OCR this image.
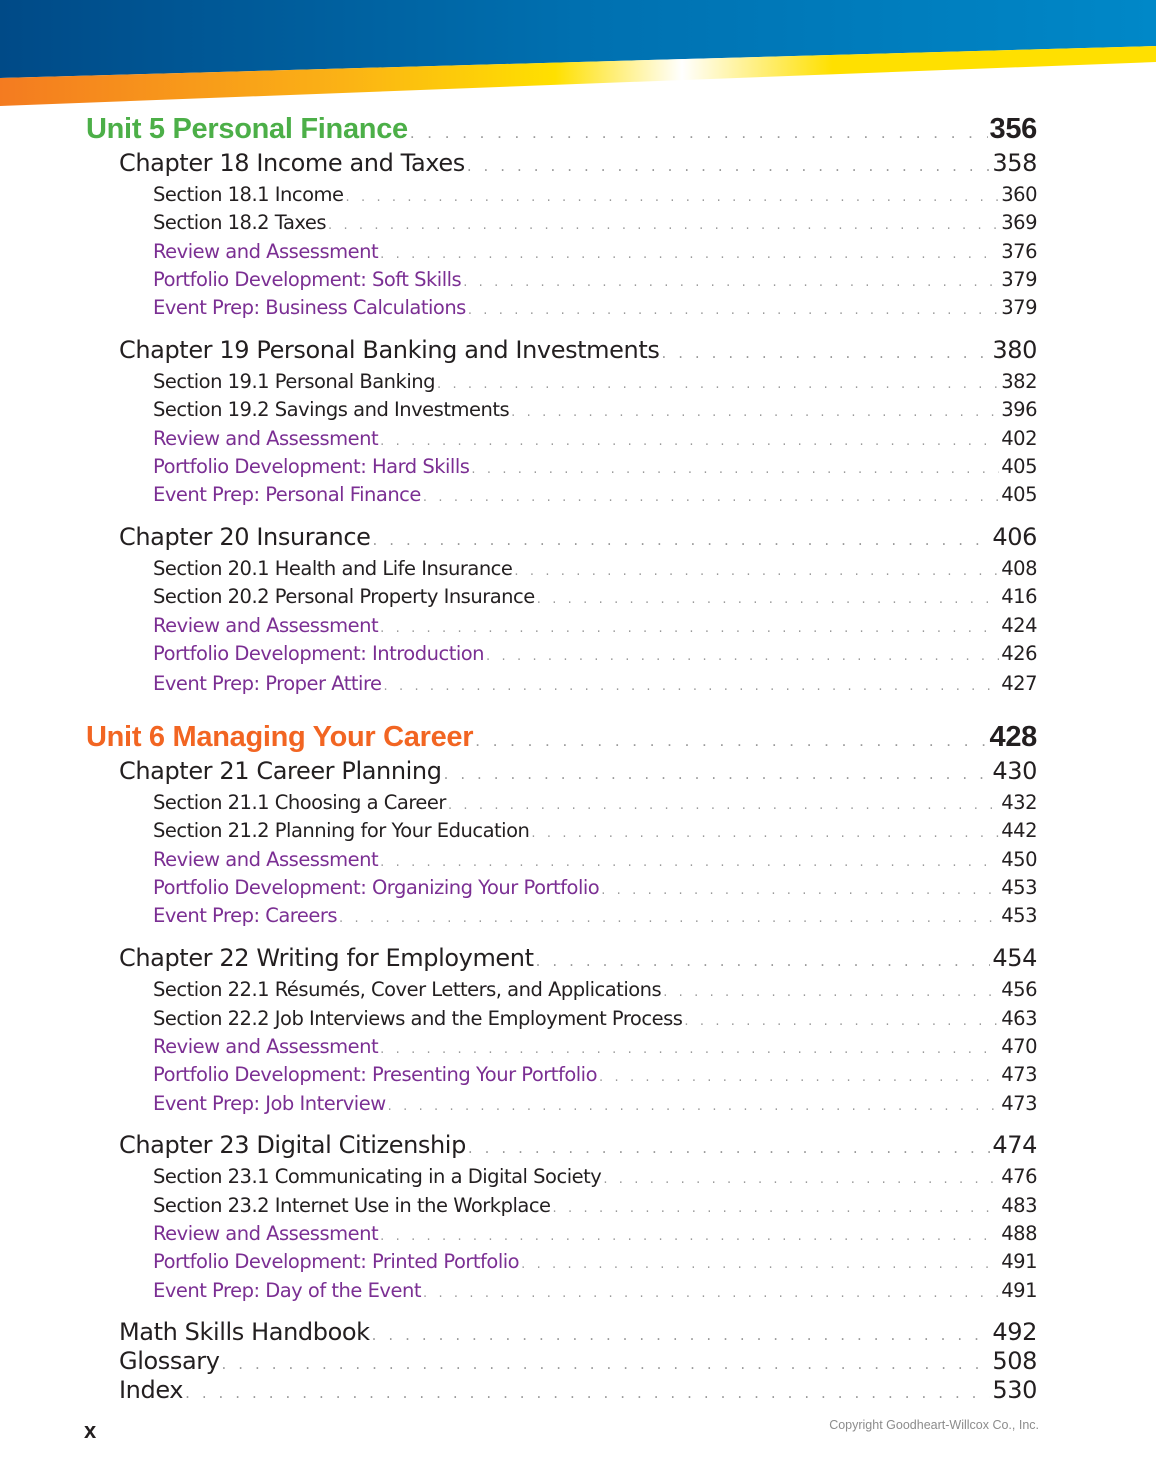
Unit 5 Personal Finance . . .	356
Chapter 18 Income and Taxes . . .	358
Section 18.1 Income . . .	360
Section 18.2 Taxes . . .	369
Review and Assessment . . .	376
Portfolio Development: Soft Skills . . .	379
Event Prep: Business Calculations . . .	379
Chapter 19 Personal Banking and Investments . . .	380
Section 19.1 Personal Banking . . .	382
Section 19.2 Savings and Investments . . .	396
Review and Assessment . . .	402
Portfolio Development: Hard Skills . . .	405
Event Prep: Personal Finance . . .	405
Chapter 20 Insurance . . .	406
Section 20.1 Health and Life Insurance . . .	408
Section 20.2 Personal Property Insurance . . .	416
Review and Assessment . . .	424
Portfolio Development: Introduction . . .	426
Event Prep: Proper Attire . . .	427
Unit 6 Managing Your Career . . .	428
Chapter 21 Career Planning . . .	430
Section 21.1 Choosing a Career . . .	432
Section 21.2 Planning for Your Education . . .	442
Review and Assessment . . .	450
Portfolio Development: Organizing Your Portfolio . . .	453
Event Prep: Careers . . .	453
Chapter 22 Writing for Employment . . .	454
Section 22.1 Résumés, Cover Letters, and Applications . . .	456
Section 22.2 Job Interviews and the Employment Process . . .	463
Review and Assessment . . .	470
Portfolio Development: Presenting Your Portfolio . . .	473
Event Prep: Job Interview . . .	473
Chapter 23 Digital Citizenship . . .	474
Section 23.1 Communicating in a Digital Society . . .	476
Section 23.2 Internet Use in the Workplace . . .	483
Review and Assessment . . .	488
Portfolio Development: Printed Portfolio . . .	491
Event Prep: Day of the Event . . .	491
Math Skills Handbook . . .	492
Glossary . . .	508
Index . . .	530
x	Copyright Goodheart-Willcox Co., Inc.
